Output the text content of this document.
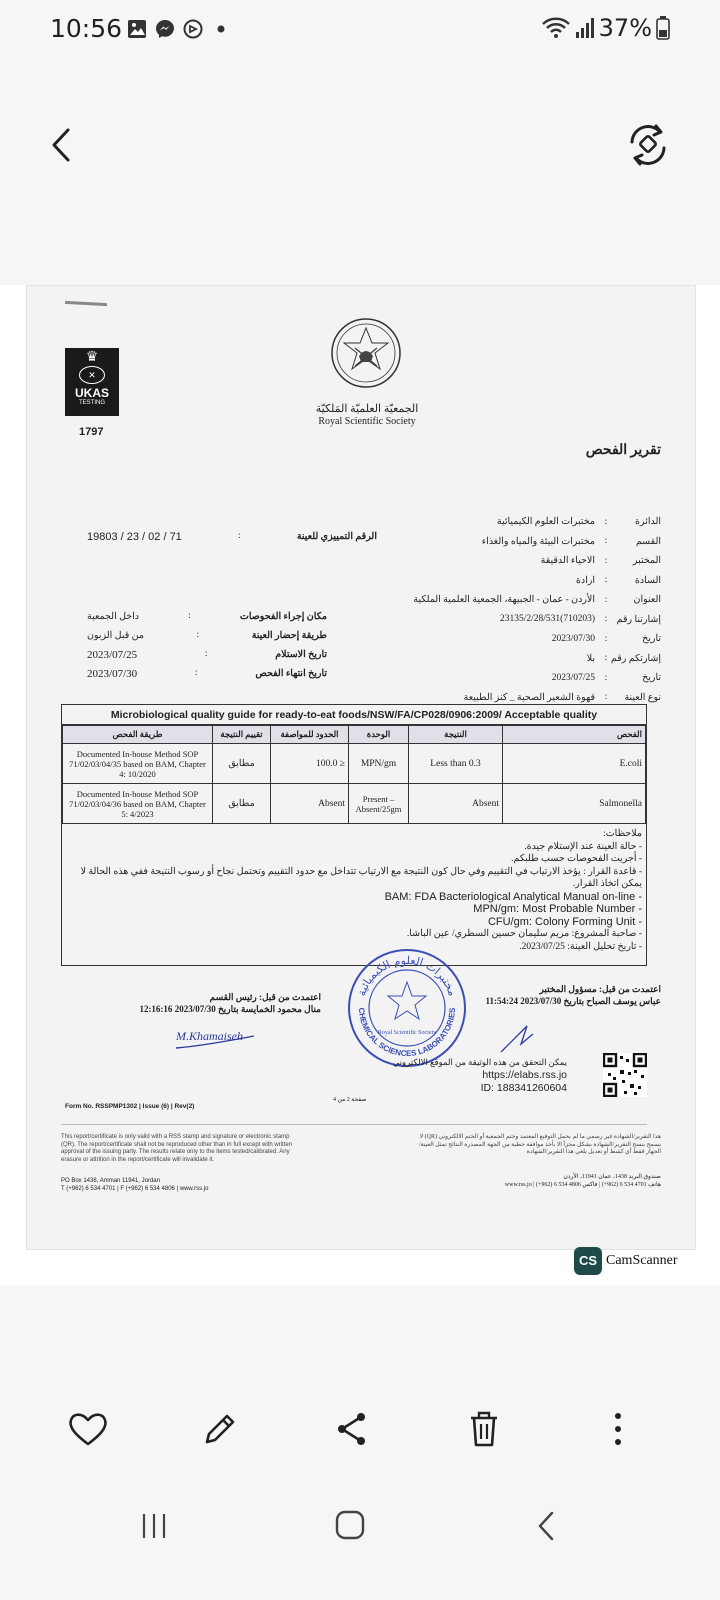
10:56	37%
♛
✕
UKAS
TESTING
1797
الجمعيّة العلميّة المَلكيّة
Royal Scientific Society
تقرير الفحص
الدائرة
:
مختبرات العلوم الكيميائية
القسم
:
مختبرات البيئة والمياه والغذاء
المختبر
:
الاحياء الدقيقة
السادة
:
ارادة
العنوان
:
الأردن - عمان - الجبيهة، الجمعية العلمية الملكية
إشارتنا رقم
:
23135/2/28/531(710203)
تاريخ
:
2023/07/30
إشارتكم رقم
:
بلا
تاريخ
:
2023/07/25
نوع العينة
:
قهوة الشعير الصحية _ كنز الطبيعة
19803 / 23 / 02 / 71	:	الرقم التمييزي للعينة
مكان إجراء الفحوصات
:
داخل الجمعية
طريقة إحضار العينة
:
من قبل الزبون
تاريخ الاستلام
:
2023/07/25
تاريخ انتهاء الفحص
:
2023/07/30
Microbiological quality guide for ready-to-eat foods/NSW/FA/CP028/0906:2009/ Acceptable quality
طريقة الفحص	تقييم النتيجة	الحدود للمواصفة	الوحدة	النتيجة	الفحص
Documented In-house Method SOP 71/02/03/04/35 based on BAM, Chapter 4: 10/2020	مطابق	100.0 ≥	MPN/gm	Less than 0.3	E.coli
Documented In-house Method SOP 71/02/03/04/36 based on BAM, Chapter 5: 4/2023	مطابق	Absent	Present – Absent/25gm	Absent	Salmonella
ملاحظات:
- حالة العينة عند الإستلام جيدة.
- أجريت الفحوصات حسب طلبكم.
- قاعدة القرار : يؤخذ الارتياب في التقييم وفي حال كون النتيجة مع الارتياب تتداخل مع حدود التقييم وتحتمل نجاح أو رسوب النتيجة ففي هذه الحالة لا يمكن اتخاذ القرار.
BAM: FDA Bacteriological Analytical Manual on-line -
MPN/gm: Most Probable Number -
CFU/gm: Colony Forming Unit -
- صاحبة المشروع: مريم سليمان حسين السطري/ عين الباشا.
- تاريخ تحليل العينة: 2023/07/25.
اعتمدت من قبل: مسؤول المختبر
عباس يوسف الصباح بتاريخ 2023/07/30 11:54:24
اعتمدت من قبل: رئيس القسم
منال محمود الخمايسة بتاريخ 2023/07/30 12:16:16
M.Khamaiseh
مختبرات العلوم الكيميائية
CHEMICAL SCIENCES LABORATORIES
Royal Scientific Society
يمكن التحقق من هذه الوثيقة من الموقع الالكتروني
https://elabs.rss.jo
ID: 188341260604
صفحة 2 من 4
Form No. RSSPMP1302 | Issue (6) | Rev(2)
This report/certificate is only valid with a RSS stamp and signature or electronic stamp (QR). The report/certificate shall not be reproduced other than in full except with written approval of the issuing party. The results relate only to the items tested/calibrated. Any erasure or attrition in the report/certificate will invalidate it.
هذا التقرير/الشهادة غير رسمي ما لم يحمل التوقيع المعتمد وختم الجمعية أو الختم الالكتروني (QR) لا يسمح بنسخ التقرير/الشهادة بشكل مجزأ الا بأخذ موافقة خطية من الجهة المصدرة النتائج تمثل العينة/الجهاز فقط أي كشط أو تعديل يلغي هذا التقرير/الشهادة
PO Box 1438, Amman 11941, Jordan
T (+962) 6 534 4701 | F (+962) 6 534 4806 | www.rss.jo
صندوق البريد 1438، عمان 11941، الأردن
هاتف 4701 534 6 (962+) | فاكس 4806 534 6 (962+) | www.rss.jo
CS CamScanner
